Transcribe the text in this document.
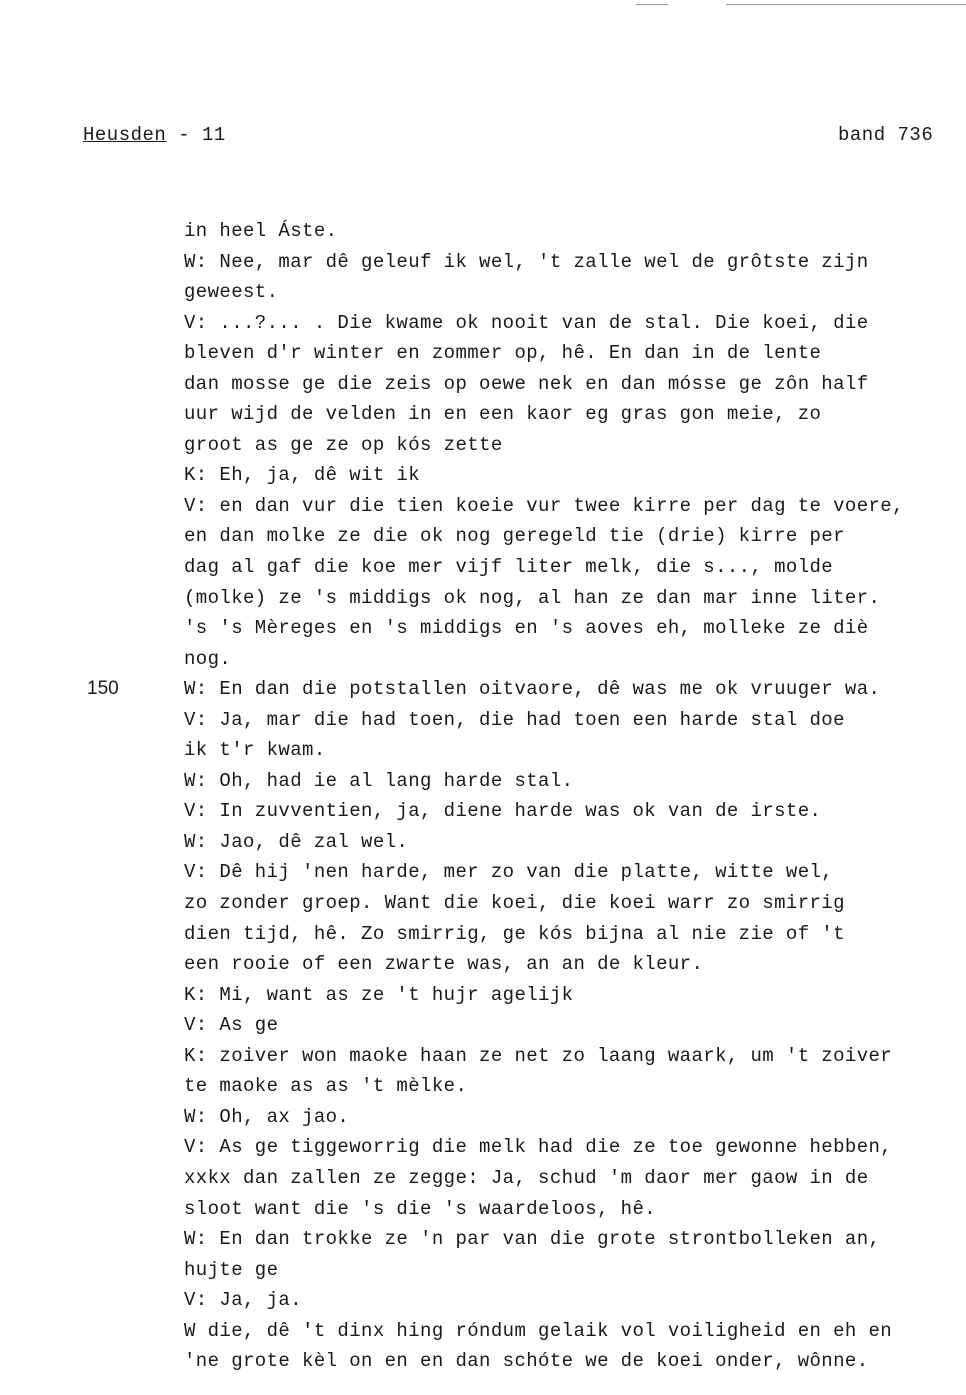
Heusden - 11	band 736
150
in heel Áste.
W: Nee, mar dê geleuf ik wel, 't zalle wel de grôtste zijn
geweest.
V: ...?... . Die kwame ok nooit van de stal. Die koei, die
bleven d'r winter en zommer op, hê. En dan in de lente
dan mosse ge die zeis op oewe nek en dan mósse ge zôn half
uur wijd de velden in en een kaor eg gras gon meie, zo
groot as ge ze op kós zette
K: Eh, ja, dê wit ik
V: en dan vur die tien koeie vur twee kirre per dag te voere,
en dan molke ze die ok nog geregeld tie (drie) kirre per
dag al gaf die koe mer vijf liter melk, die s..., molde
(molke) ze 's middigs ok nog, al han ze dan mar inne liter.
's 's Mèreges en 's middigs en 's aoves eh, molleke ze diè
nog.
W: En dan die potstallen oitvaore, dê was me ok vruuger wa.
V: Ja, mar die had toen, die had toen een harde stal doe
ik t'r kwam.
W: Oh, had ie al lang harde stal.
V: In zuvventien, ja, diene harde was ok van de irste.
W: Jao, dê zal wel.
V: Dê hij 'nen harde, mer zo van die platte, witte wel,
zo zonder groep. Want die koei, die koei warr zo smirrig
dien tijd, hê. Zo smirrig, ge kós bijna al nie zie of 't
een rooie of een zwarte was, an an de kleur.
K: Mi, want as ze 't hujr agelijk
V: As ge
K: zoiver won maoke haan ze net zo laang waark, um 't zoiver
te maoke as as 't mèlke.
W: Oh, ax jao.
V: As ge tiggeworrig die melk had die ze toe gewonne hebben,
xxkx dan zallen ze zegge: Ja, schud 'm daor mer gaow in de
sloot want die 's die 's waardeloos, hê.
W: En dan trokke ze 'n par van die grote strontbolleken an,
hujte ge
V: Ja, ja.
W die, dê 't dinx hing róndum gelaik vol voiligheid en eh en
'ne grote kèl on en en dan schóte we de koei onder, wônne.
